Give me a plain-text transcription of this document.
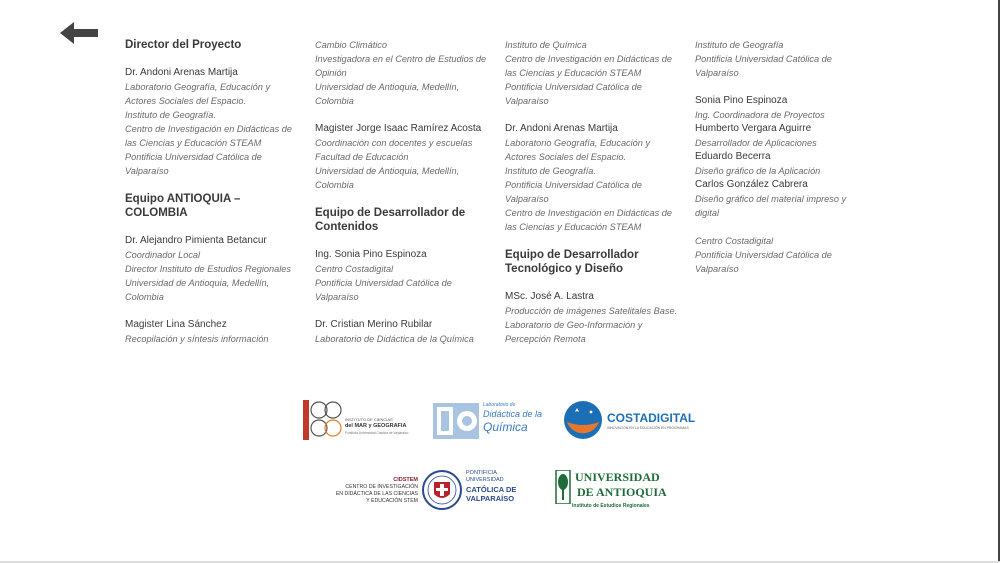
Director del Proyecto
Dr. Andoni Arenas Martija
Laboratorio Geografía, Educación y
Actores Sociales del Espacio.
Instituto de Geografía.
Centro de Investigación en Didácticas de
las Ciencias y Educación STEAM
Pontificia Universidad Católica de
Valparaíso
Equipo ANTIOQUIA –
COLOMBIA
Dr. Alejandro Pimienta Betancur
Coordinador Local
Director Instituto de Estudios Regionales
Universidad de Antioquia, Medellín,
Colombia
Magister Lina Sánchez
Recopilación y síntesis información
Cambio Climático
Investigadora en el Centro de Estudios de
Opinión
Universidad de Antioquia, Medellín,
Colombia
Magister Jorge Isaac Ramírez Acosta
Coordinación con docentes y escuelas
Facultad de Educación
Universidad de Antioquia, Medellín,
Colombia
Equipo de Desarrollador de
Contenidos
Ing. Sonia Pino Espinoza
Centro Costadigital
Pontificia Universidad Católica de
Valparaíso
Dr. Cristian Merino Rubilar
Laboratorio de Didáctica de la Química
Instituto de Química
Centro de Investigación en Didácticas de
las Ciencias y Educación STEAM
Pontificia Universidad Católica de
Valparaíso
Dr. Andoni Arenas Martija
Laboratorio Geografía, Educación y
Actores Sociales del Espacio.
Instituto de Geografía.
Pontificia Universidad Católica de
Valparaíso
Centro de Investigación en Didácticas de
las Ciencias y Educación STEAM
Equipo de Desarrollador
Tecnológico y Diseño
MSc. José A. Lastra
Producción de imágenes Satelitales Base.
Laboratorio de Geo-Información y
Percepción Remota
Instituto de Geografía
Pontificia Universidad Católica de
Valparaíso
Sonia Pino Espinoza
Ing. Coordinadora de Proyectos
Humberto Vergara Aguirre
Desarrollador de Aplicaciones
Eduardo Becerra
Diseño gráfico de la Aplicación
Carlos González Cabrera
Diseño gráfico del material impreso y
digital
Centro Costadigital
Pontificia Universidad Católica de
Valparaíso
INSTITUTO DE CIENCIAS
del MAR y GEOGRAFIA
Pontificia Universidad Católica de Valparaíso
Laboratorio de
Didáctica de la
Química
COSTADIGITAL
INNOVACIÓN EN LA EDUCACIÓN EN PROGRAMAS
CIDSTEM
CENTRO DE INVESTIGACIÓN
EN DIDÁCTICA DE LAS CIENCIAS
Y EDUCACIÓN STEM
PONTIFICIA
UNIVERSIDAD
CATÓLICA DE
VALPARAÍSO
UNIVERSIDAD
DE ANTIOQUIA
Instituto de Estudios Regionales
